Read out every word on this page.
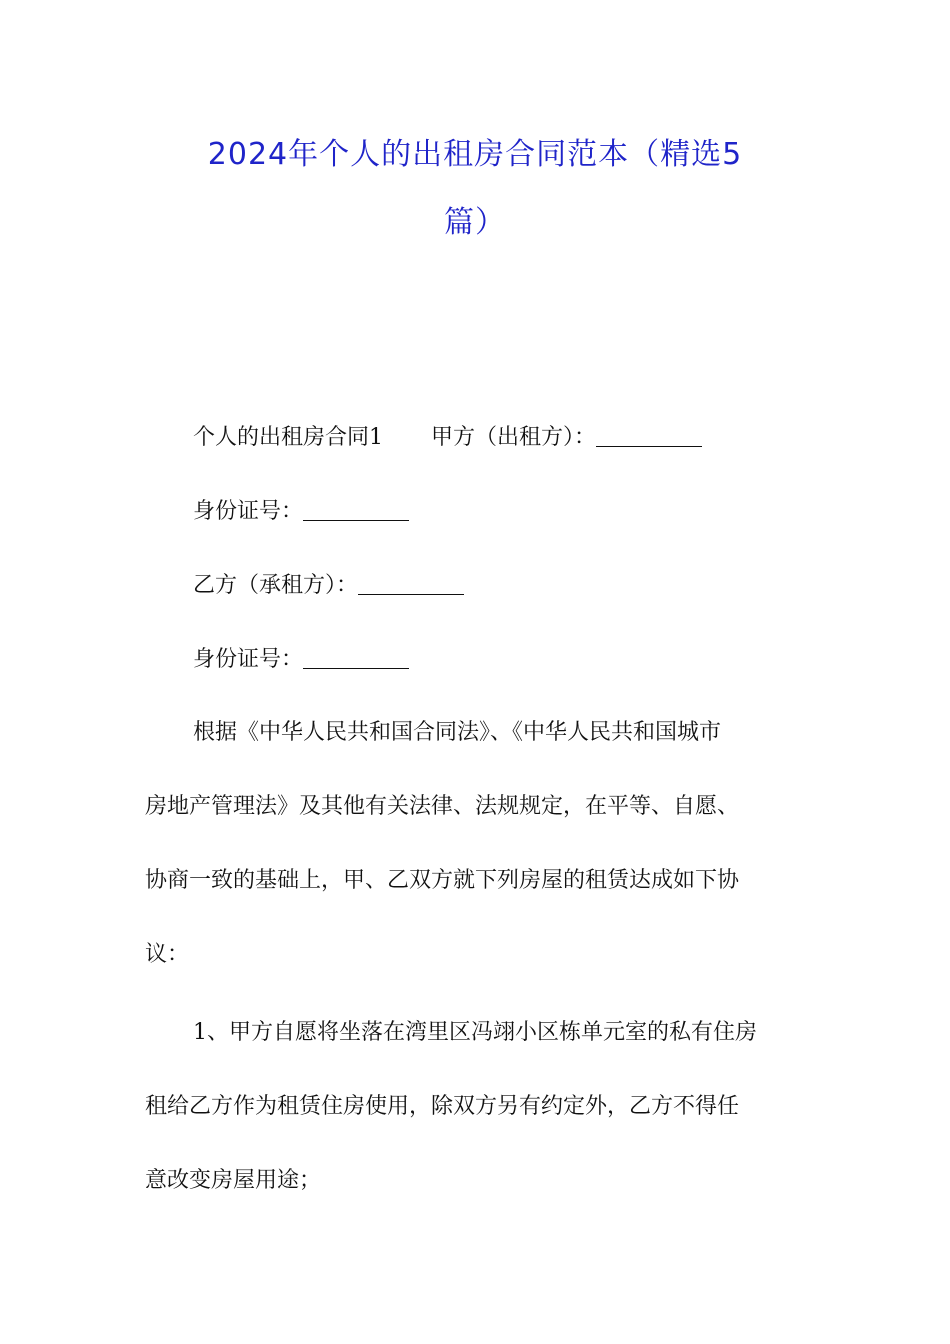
2024年个人的出租房合同范本（精选5
篇）

个人的出租房合同1 甲方（出租方）：

身份证号：

乙方（承租方）：

身份证号：

根据《中华人民共和国合同法》、《中华人民共和国城市

房地产管理法》及其他有关法律、法规规定，在平等、自愿、

协商一致的基础上，甲、乙双方就下列房屋的租赁达成如下协

议：

1、甲方自愿将坐落在湾里区冯翊小区栋单元室的私有住房

租给乙方作为租赁住房使用，除双方另有约定外，乙方不得任

意改变房屋用途；
